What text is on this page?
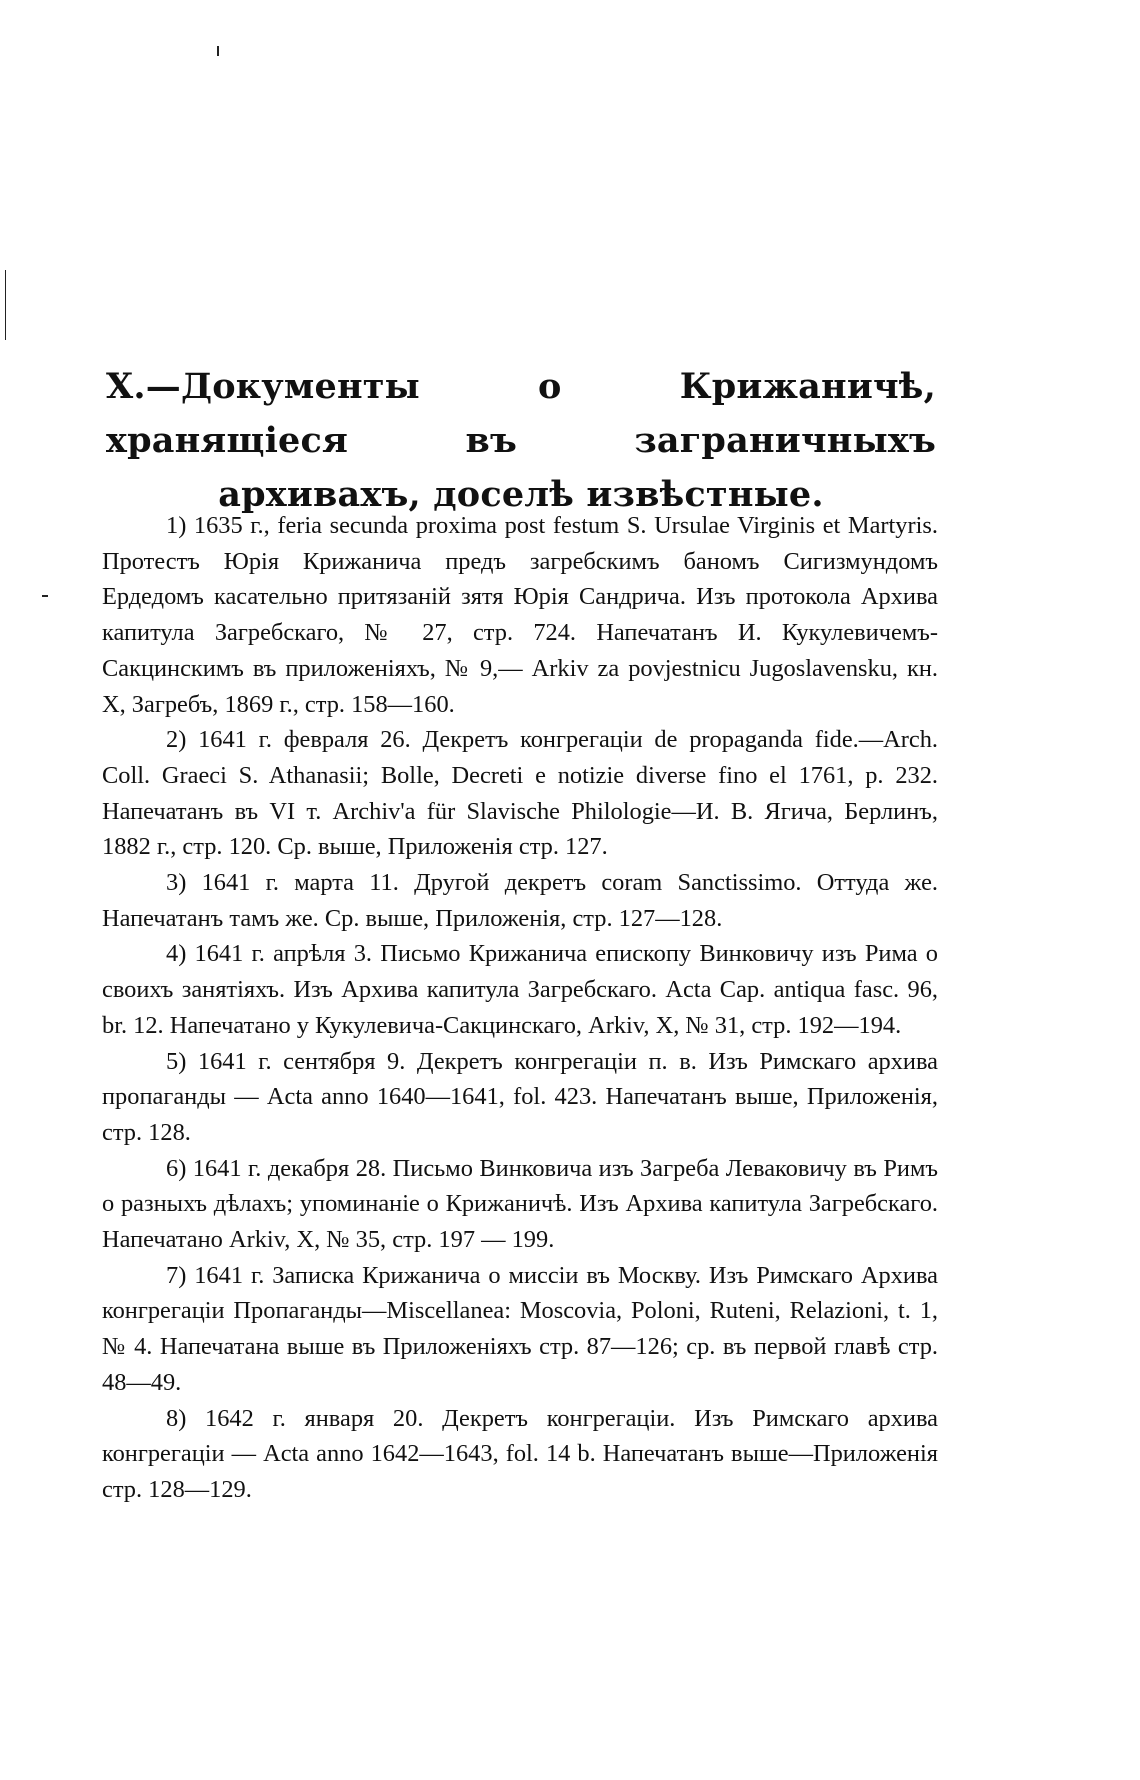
X.—Документы о Крижаничѣ, хранящіеся въ заграничныхъ архивахъ, доселѣ извѣстные.

1) 1635 г., feria secunda proxima post festum S. Ursulae Virginis et Martyris. Протестъ Юрія Крижанича предъ загребскимъ баномъ Сигизмундомъ Ердедомъ касательно притязаній зятя Юрія Сандрича. Изъ протокола Архива капитула Загребскаго, № 27, стр. 724. Напечатанъ И. Кукулевичемъ-Сакцинскимъ въ приложеніяхъ, № 9,— Arkiv za povjestnicu Jugoslavensku, кн. X, Загребъ, 1869 г., стр. 158—160.

2) 1641 г. февраля 26. Декретъ конгрегаціи de propaganda fide.—Arch. Coll. Graeci S. Athanasii; Bolle, Decreti e notizie diverse fino el 1761, p. 232. Напечатанъ въ VI т. Archiv'a für Slavische Philologie—И. В. Ягича, Берлинъ, 1882 г., стр. 120. Ср. выше, Приложенія стр. 127.

3) 1641 г. марта 11. Другой декретъ coram Sanctissimo. Оттуда же. Напечатанъ тамъ же. Ср. выше, Приложенія, стр. 127—128.

4) 1641 г. апрѣля 3. Письмо Крижанича епископу Винковичу изъ Рима о своихъ занятіяхъ. Изъ Архива капитула Загребскаго. Acta Cap. antiqua fasc. 96, br. 12. Напечатано у Кукулевича-Сакцинскаго, Arkiv, X, № 31, стр. 192—194.

5) 1641 г. сентября 9. Декретъ конгрегаціи п. в. Изъ Римскаго архива пропаганды — Acta anno 1640—1641, fol. 423. Напечатанъ выше, Приложенія, стр. 128.

6) 1641 г. декабря 28. Письмо Винковича изъ Загреба Леваковичу въ Римъ о разныхъ дѣлахъ; упоминаніе о Крижаничѣ. Изъ Архива капитула Загребскаго. Напечатано Arkiv, X, № 35, стр. 197 — 199.

7) 1641 г. Записка Крижанича о миссіи въ Москву. Изъ Римскаго Архива конгрегаціи Пропаганды—Miscellanea: Moscovia, Poloni, Ruteni, Relazioni, t. 1, № 4. Напечатана выше въ Приложеніяхъ стр. 87—126; ср. въ первой главѣ стр. 48—49.

8) 1642 г. января 20. Декретъ конгрегаціи. Изъ Римскаго архива конгрегаціи — Acta anno 1642—1643, fol. 14 b. Напечатанъ выше—Приложенія стр. 128—129.
